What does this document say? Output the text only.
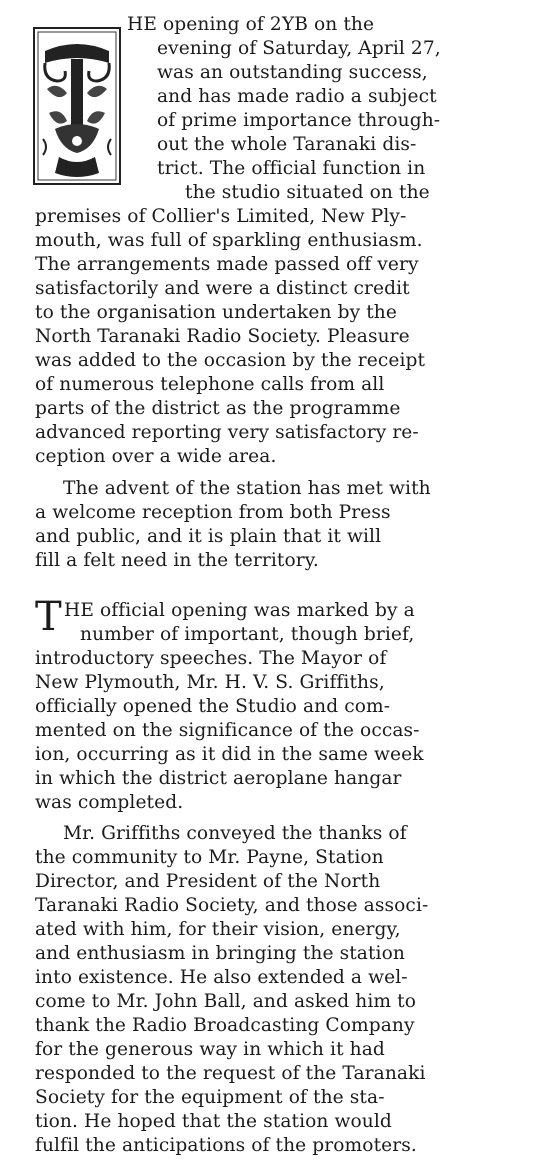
HE opening of 2YB on the
evening of Saturday, April 27,
was an outstanding success,
and has made radio a subject
of prime importance through-
out the whole Taranaki dis-
trict. The official function in
the studio situated on the
premises of Collier's Limited, New Ply-
mouth, was full of sparkling enthusiasm.
The arrangements made passed off very
satisfactorily and were a distinct credit
to the organisation undertaken by the
North Taranaki Radio Society. Pleasure
was added to the occasion by the receipt
of numerous telephone calls from all
parts of the district as the programme
advanced reporting very satisfactory re-
ception over a wide area.
The advent of the station has met with
a welcome reception from both Press
and public, and it is plain that it will
fill a felt need in the territory.
T HE official opening was marked by a
number of important, though brief,
introductory speeches. The Mayor of
New Plymouth, Mr. H. V. S. Griffiths,
officially opened the Studio and com-
mented on the significance of the occas-
ion, occurring as it did in the same week
in which the district aeroplane hangar
was completed.
Mr. Griffiths conveyed the thanks of
the community to Mr. Payne, Station
Director, and President of the North
Taranaki Radio Society, and those associ-
ated with him, for their vision, energy,
and enthusiasm in bringing the station
into existence. He also extended a wel-
come to Mr. John Ball, and asked him to
thank the Radio Broadcasting Company
for the generous way in which it had
responded to the request of the Taranaki
Society for the equipment of the sta-
tion. He hoped that the station would
fulfil the anticipations of the promoters.
